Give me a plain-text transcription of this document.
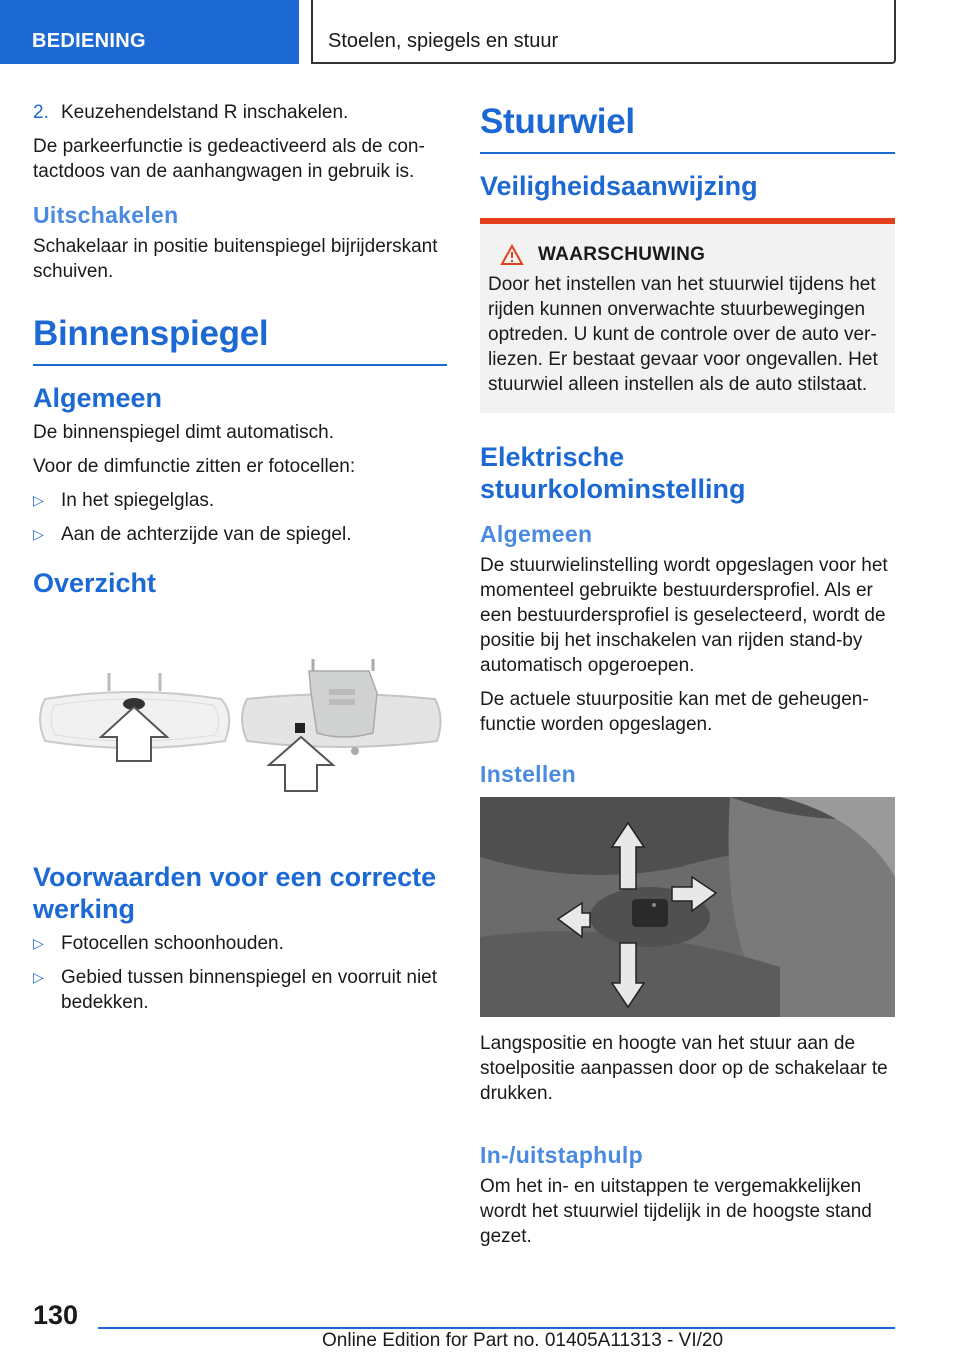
BEDIENING	Stoelen, spiegels en stuur
2. Keuzehendelstand R inschakelen.

De parkeerfunctie is gedeactiveerd als de contactdoos van de aanhangwagen in gebruik is.

Uitschakelen

Schakelaar in positie buitenspiegel bijrijderskant schuiven.

Binnenspiegel
Algemeen

De binnenspiegel dimt automatisch.

Voor de dimfunctie zitten er fotocellen:

▷ In het spiegelglas.
▷ Aan de achterzijde van de spiegel.
Overzicht
Voorwaarden voor een correcte werking
▷ Fotocellen schoonhouden.
▷ Gebied tussen binnenspiegel en voorruit niet bedekken.
Stuurwiel
Veiligheidsaanwijzing
WAARSCHUWING

Door het instellen van het stuurwiel tijdens het rijden kunnen onverwachte stuurbewegingen optreden. U kunt de controle over de auto verliezen. Er bestaat gevaar voor ongevallen. Het stuurwiel alleen instellen als de auto stilstaat.

Elektrische stuurkolominstelling
Algemeen

De stuurwielinstelling wordt opgeslagen voor het momenteel gebruikte bestuurdersprofiel. Als er een bestuurdersprofiel is geselecteerd, wordt de positie bij het inschakelen van rijden stand-by automatisch opgeroepen.

De actuele stuurpositie kan met de geheugenfunctie worden opgeslagen.

Instellen

Langspositie en hoogte van het stuur aan de stoelpositie aanpassen door op de schakelaar te drukken.

In-/uitstaphulp

Om het in- en uitstappen te vergemakkelijken wordt het stuurwiel tijdelijk in de hoogste stand gezet.

130
Online Edition for Part no. 01405A11313 - VI/20
